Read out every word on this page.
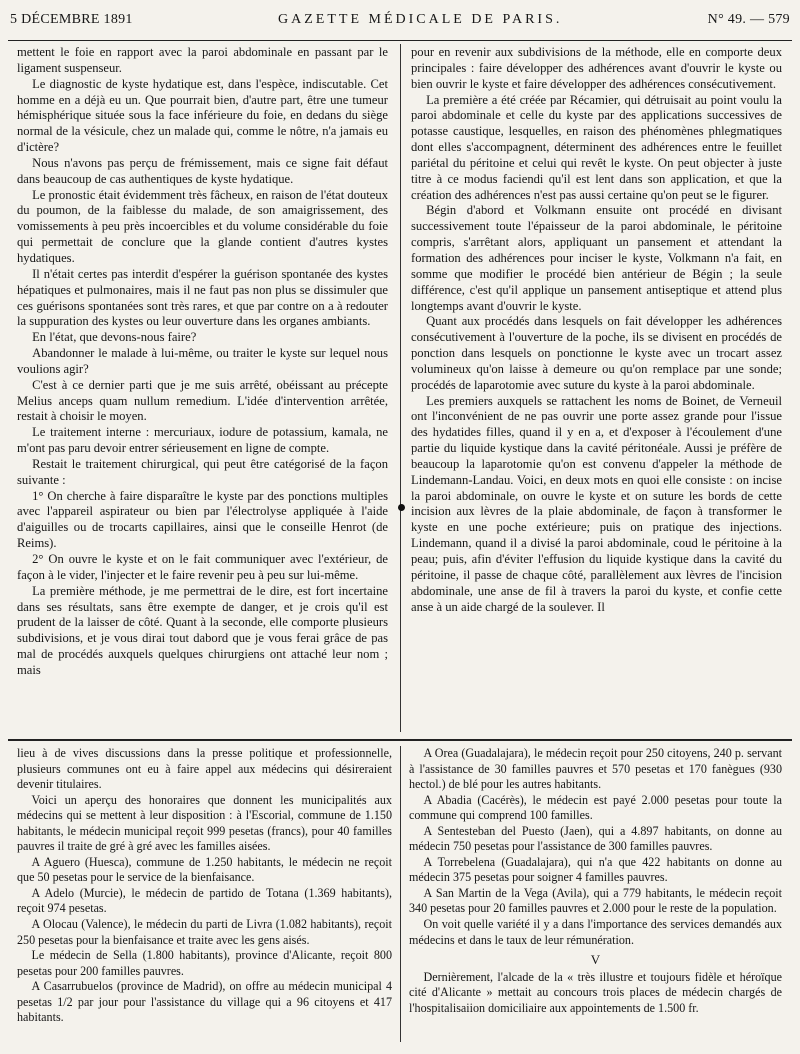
5 DÉCEMBRE 1891	GAZETTE MÉDICALE DE PARIS.	N° 49. — 579

mettent le foie en rapport avec la paroi abdominale en passant par le ligament suspenseur.

Le diagnostic de kyste hydatique est, dans l'espèce, indiscutable. Cet homme en a déjà eu un. Que pourrait bien, d'autre part, être une tumeur hémisphérique située sous la face inférieure du foie, en dedans du siège normal de la vésicule, chez un malade qui, comme le nôtre, n'a jamais eu d'ictère?

Nous n'avons pas perçu de frémissement, mais ce signe fait défaut dans beaucoup de cas authentiques de kyste hydatique.

Le pronostic était évidemment très fâcheux, en raison de l'état douteux du poumon, de la faiblesse du malade, de son amaigrissement, des vomissements à peu près incoercibles et du volume considérable du foie qui permettait de conclure que la glande contient d'autres kystes hydatiques.

Il n'était certes pas interdit d'espérer la guérison spontanée des kystes hépatiques et pulmonaires, mais il ne faut pas non plus se dissimuler que ces guérisons spontanées sont très rares, et que par contre on a à redouter la suppuration des kystes ou leur ouverture dans les organes ambiants.

En l'état, que devons-nous faire?

Abandonner le malade à lui-même, ou traiter le kyste sur lequel nous voulions agir?

C'est à ce dernier parti que je me suis arrêté, obéissant au précepte Melius anceps quam nullum remedium. L'idée d'intervention arrêtée, restait à choisir le moyen.

Le traitement interne : mercuriaux, iodure de potassium, kamala, ne m'ont pas paru devoir entrer sérieusement en ligne de compte.

Restait le traitement chirurgical, qui peut être catégorisé de la façon suivante :

1° On cherche à faire disparaître le kyste par des ponctions multiples avec l'appareil aspirateur ou bien par l'électrolyse appliquée à l'aide d'aiguilles ou de trocarts capillaires, ainsi que le conseille Henrot (de Reims).

2° On ouvre le kyste et on le fait communiquer avec l'extérieur, de façon à le vider, l'injecter et le faire revenir peu à peu sur lui-même.

La première méthode, je me permettrai de le dire, est fort incertaine dans ses résultats, sans être exempte de danger, et je crois qu'il est prudent de la laisser de côté. Quant à la seconde, elle comporte plusieurs subdivisions, et je vous dirai tout dabord que je vous ferai grâce de pas mal de procédés auxquels quelques chirurgiens ont attaché leur nom ; mais

pour en revenir aux subdivisions de la méthode, elle en comporte deux principales : faire développer des adhérences avant d'ouvrir le kyste ou bien ouvrir le kyste et faire développer des adhérences consécutivement.

La première a été créée par Récamier, qui détruisait au point voulu la paroi abdominale et celle du kyste par des applications successives de potasse caustique, lesquelles, en raison des phénomènes phlegmatiques dont elles s'accompagnent, déterminent des adhérences entre le feuillet pariétal du péritoine et celui qui revêt le kyste. On peut objecter à juste titre à ce modus faciendi qu'il est lent dans son application, et que la création des adhérences n'est pas aussi certaine qu'on peut se le figurer.

Bégin d'abord et Volkmann ensuite ont procédé en divisant successivement toute l'épaisseur de la paroi abdominale, le péritoine compris, s'arrêtant alors, appliquant un pansement et attendant la formation des adhérences pour inciser le kyste, Volkmann n'a fait, en somme que modifier le procédé bien antérieur de Bégin ; la seule différence, c'est qu'il applique un pansement antiseptique et attend plus longtemps avant d'ouvrir le kyste.

Quant aux procédés dans lesquels on fait développer les adhérences consécutivement à l'ouverture de la poche, ils se divisent en procédés de ponction dans lesquels on ponctionne le kyste avec un trocart assez volumineux qu'on laisse à demeure ou qu'on remplace par une sonde; procédés de laparotomie avec suture du kyste à la paroi abdominale.

Les premiers auxquels se rattachent les noms de Boinet, de Verneuil ont l'inconvénient de ne pas ouvrir une porte assez grande pour l'issue des hydatides filles, quand il y en a, et d'exposer à l'écoulement d'une partie du liquide kystique dans la cavité péritonéale. Aussi je préfère de beaucoup la laparotomie qu'on est convenu d'appeler la méthode de Lindemann-Landau. Voici, en deux mots en quoi elle consiste : on incise la paroi abdominale, on ouvre le kyste et on suture les bords de cette incision aux lèvres de la plaie abdominale, de façon à transformer le kyste en une poche extérieure; puis on pratique des injections. Lindemann, quand il a divisé la paroi abdominale, coud le péritoine à la peau; puis, afin d'éviter l'effusion du liquide kystique dans la cavité du péritoine, il passe de chaque côté, parallèlement aux lèvres de l'incision abdominale, une anse de fil à travers la paroi du kyste, et confie cette anse à un aide chargé de la soulever. Il

lieu à de vives discussions dans la presse politique et professionnelle, plusieurs communes ont eu à faire appel aux médecins qui désireraient devenir titulaires.

Voici un aperçu des honoraires que donnent les municipalités aux médecins qui se mettent à leur disposition : à l'Escorial, commune de 1.150 habitants, le médecin municipal reçoit 999 pesetas (francs), pour 40 familles pauvres il traite de gré à gré avec les familles aisées.

A Aguero (Huesca), commune de 1.250 habitants, le médecin ne reçoit que 50 pesetas pour le service de la bienfaisance.

A Adelo (Murcie), le médecin de partido de Totana (1.369 habitants), reçoit 974 pesetas.

A Olocau (Valence), le médecin du parti de Livra (1.082 habitants), reçoit 250 pesetas pour la bienfaisance et traite avec les gens aisés.

Le médecin de Sella (1.800 habitants), province d'Alicante, reçoit 800 pesetas pour 200 familles pauvres.

A Casarrubuelos (province de Madrid), on offre au médecin municipal 4 pesetas 1/2 par jour pour l'assistance du village qui a 96 citoyens et 417 habitants.

A Orea (Guadalajara), le médecin reçoit pour 250 citoyens, 240 p. servant à l'assistance de 30 familles pauvres et 570 pesetas et 170 fanègues (930 hectol.) de blé pour les autres habitants.

A Abadia (Cacérès), le médecin est payé 2.000 pesetas pour toute la commune qui comprend 100 familles.

A Sentesteban del Puesto (Jaen), qui a 4.897 habitants, on donne au médecin 750 pesetas pour l'assistance de 300 familles pauvres.

A Torrebelena (Guadalajara), qui n'a que 422 habitants on donne au médecin 375 pesetas pour soigner 4 familles pauvres.

A San Martin de la Vega (Avila), qui a 779 habitants, le médecin reçoit 340 pesetas pour 20 familles pauvres et 2.000 pour le reste de la population.

On voit quelle variété il y a dans l'importance des services demandés aux médecins et dans le taux de leur rémunération.

V

Dernièrement, l'alcade de la « très illustre et toujours fidèle et héroïque cité d'Alicante » mettait au concours trois places de médecin chargés de l'hospitalisaiion domiciliaire aux appointements de 1.500 fr.
